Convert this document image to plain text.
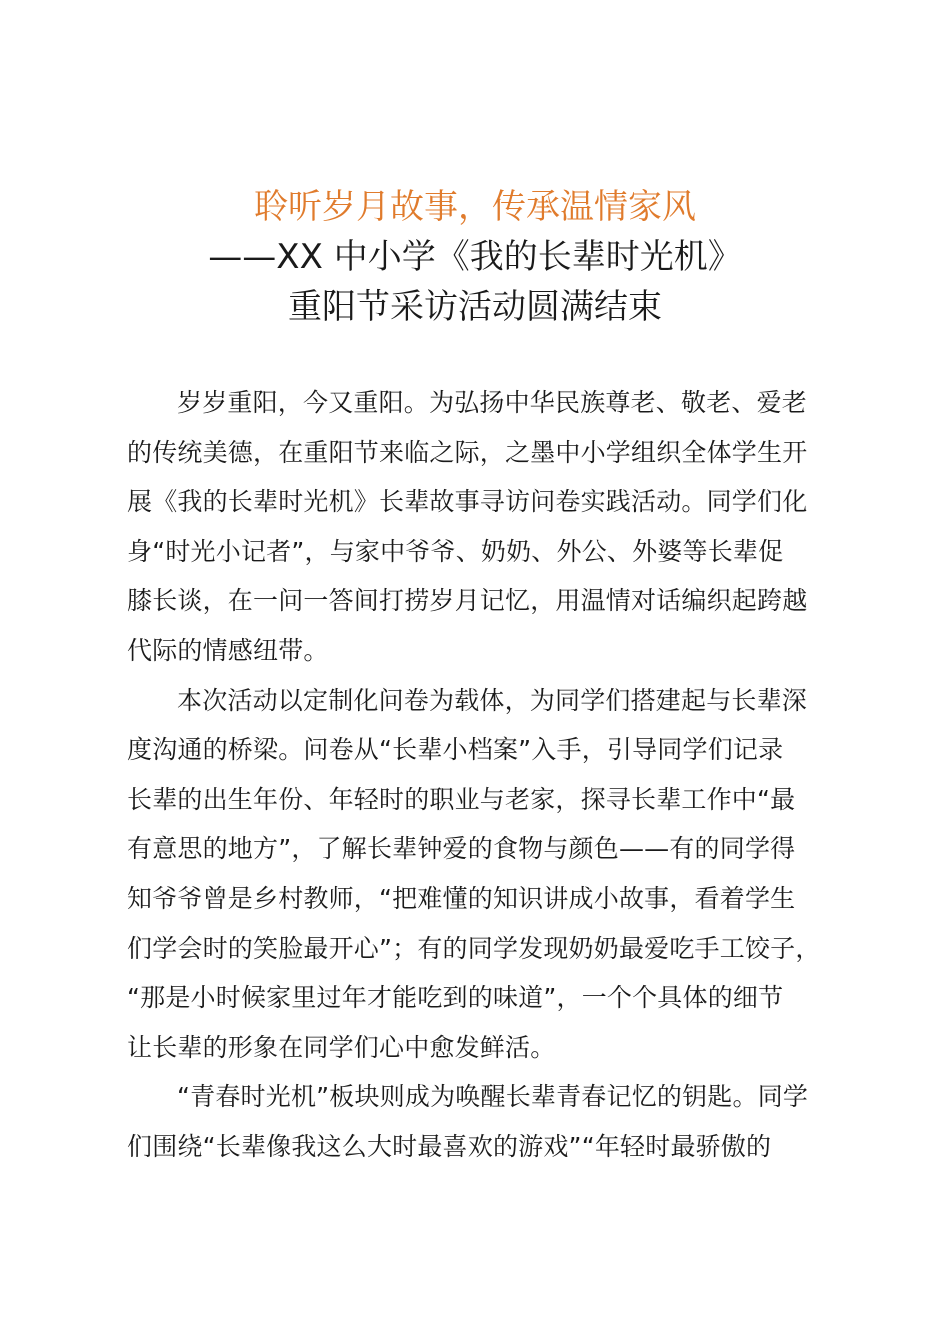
聆听岁月故事，传承温情家风
——XX 中小学《我的长辈时光机》
重阳节采访活动圆满结束
岁岁重阳，今又重阳。为弘扬中华民族尊老、敬老、爱老
的传统美德，在重阳节来临之际，之墨中小学组织全体学生开
展《我的长辈时光机》长辈故事寻访问卷实践活动。同学们化
身“时光小记者”，与家中爷爷、奶奶、外公、外婆等长辈促
膝长谈，在一问一答间打捞岁月记忆，用温情对话编织起跨越
代际的情感纽带。
本次活动以定制化问卷为载体，为同学们搭建起与长辈深
度沟通的桥梁。问卷从“长辈小档案”入手，引导同学们记录
长辈的出生年份、年轻时的职业与老家，探寻长辈工作中“最
有意思的地方”，了解长辈钟爱的食物与颜色——有的同学得
知爷爷曾是乡村教师，“把难懂的知识讲成小故事，看着学生
们学会时的笑脸最开心”；有的同学发现奶奶最爱吃手工饺子，
“那是小时候家里过年才能吃到的味道”，一个个具体的细节
让长辈的形象在同学们心中愈发鲜活。
“青春时光机”板块则成为唤醒长辈青春记忆的钥匙。同学
们围绕“长辈像我这么大时最喜欢的游戏”“年轻时最骄傲的
